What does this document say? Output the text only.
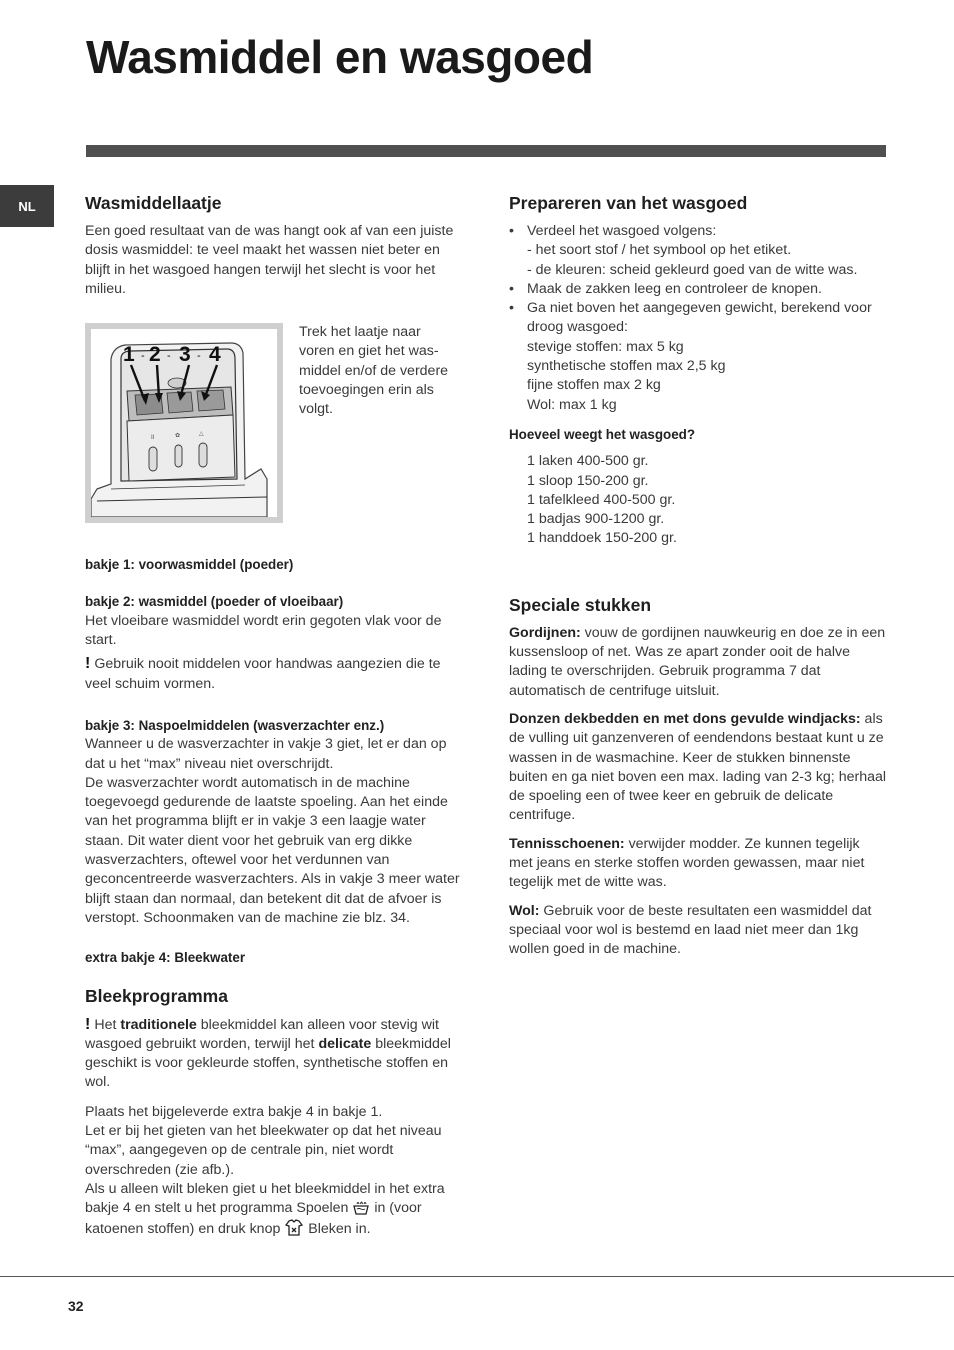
Wasmiddel en wasgoed
NL	Wasmiddellaatje

Een goed resultaat van de was hangt ook af van een juiste dosis wasmiddel: te veel maakt het wassen niet beter en blijft in het wasgoed hangen terwijl het slecht is voor het milieu.

II	✿	△
1 - 2 - 3 - 4

Trek het laatje naar voren en giet het wasmiddel en/of de verdere toevoegingen erin als volgt.

bakje 1: voorwasmiddel (poeder)

bakje 2: wasmiddel (poeder of vloeibaar)

Het vloeibare wasmiddel wordt erin gegoten vlak voor de start.

! Gebruik nooit middelen voor handwas aangezien die te veel schuim vormen.

bakje 3: Naspoelmiddelen (wasverzachter enz.)

Wanneer u de wasverzachter in vakje 3 giet, let er dan op dat u het “max” niveau niet overschrijdt.

De wasverzachter wordt automatisch in de machine toegevoegd gedurende de laatste spoeling. Aan het einde van het programma blijft er in vakje 3 een laagje water staan. Dit water dient voor het gebruik van erg dikke wasverzachters, oftewel voor het verdunnen van geconcentreerde wasverzachters. Als in vakje 3 meer water blijft staan dan normaal, dan betekent dit dat de afvoer is verstopt. Schoonmaken van de machine zie blz. 34.

extra bakje 4: Bleekwater

Bleekprogramma

! Het traditionele bleekmiddel kan alleen voor stevig wit wasgoed gebruikt worden, terwijl het delicate bleekmiddel geschikt is voor gekleurde stoffen, synthetische stoffen en wol.

Plaats het bijgeleverde extra bakje 4 in bakje 1.

Let er bij het gieten van het bleekwater op dat het niveau “max”, aangegeven op de centrale pin, niet wordt overschreden (zie afb.).

Als u alleen wilt bleken giet u het bleekmiddel in het extra bakje 4 en stelt u het programma Spoelen  in (voor katoenen stoffen) en druk knop  Bleken in.

Prepareren van het wasgoed
• Verdeel het wasgoed volgens:
- het soort stof / het symbool op het etiket.
- de kleuren: scheid gekleurd goed van de witte was.
• Maak de zakken leeg en controleer de knopen.
• Ga niet boven het aangegeven gewicht, berekend voor droog wasgoed:
stevige stoffen: max 5 kg
synthetische stoffen max 2,5 kg
fijne stoffen max 2 kg
Wol: max 1 kg

Hoeveel weegt het wasgoed?

1 laken 400-500 gr.

1 sloop 150-200 gr.

1 tafelkleed 400-500 gr.

1 badjas 900-1200 gr.

1 handdoek 150-200 gr.

Speciale stukken

Gordijnen: vouw de gordijnen nauwkeurig en doe ze in een kussensloop of net. Was ze apart zonder ooit de halve lading te overschrijden. Gebruik programma 7 dat automatisch de centrifuge uitsluit.

Donzen dekbedden en met dons gevulde windjacks: als de vulling uit ganzenveren of eendendons bestaat kunt u ze wassen in de wasmachine. Keer de stukken binnenste buiten en ga niet boven een max. lading van 2-3 kg; herhaal de spoeling een of twee keer en gebruik de delicate centrifuge.

Tennisschoenen: verwijder modder. Ze kunnen tegelijk met jeans en sterke stoffen worden gewassen, maar niet tegelijk met de witte was.

Wol: Gebruik voor de beste resultaten een wasmiddel dat speciaal voor wol is bestemd en laad niet meer dan 1kg wollen goed in de machine.

32
